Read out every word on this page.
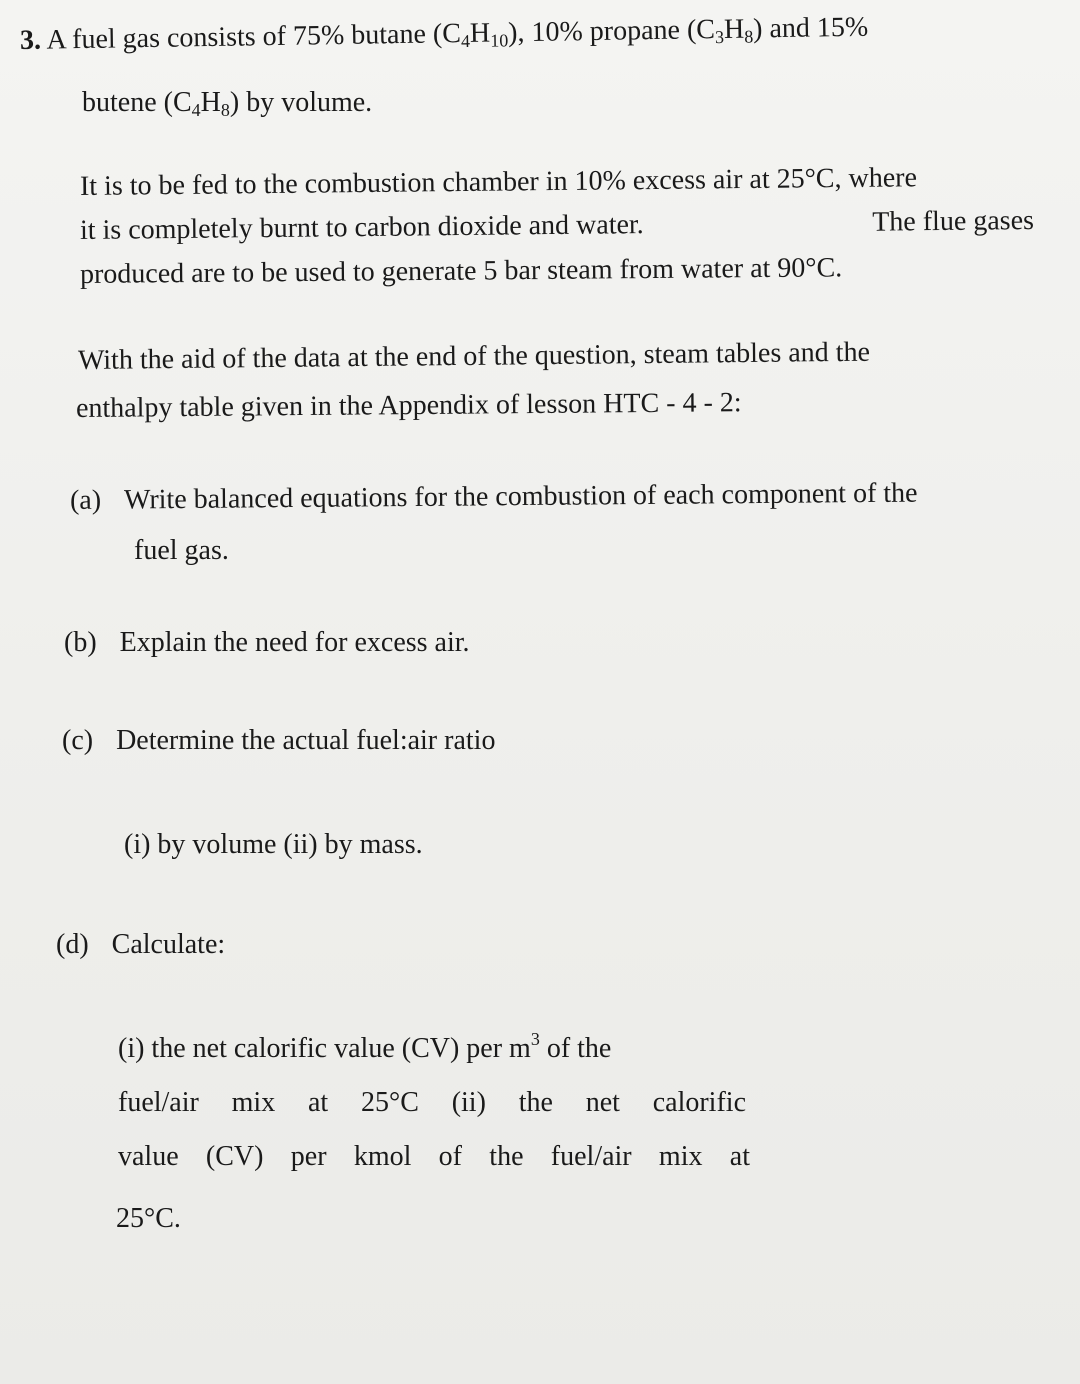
3. A fuel gas consists of 75% butane $(C_4H_{10})$, 10% propane $(C_3H_8)$ and 15%
butene $(C_4H_8)$ by volume.
It is to be fed to the combustion chamber in 10% excess air at 25°C, where
it is completely burnt to carbon dioxide and water.	The flue gases
produced are to be used to generate 5 bar steam from water at 90°C.
With the aid of the data at the end of the question, steam tables and the
enthalpy table given in the Appendix of lesson HTC - 4 - 2:
(a) Write balanced equations for the combustion of each component of the
fuel gas.
(b) Explain the need for excess air.
(c) Determine the actual fuel:air ratio
(i) by volume (ii) by mass.
(d) Calculate:
(i) the net calorific value (CV) per $m^3$ of the
fuel/air mix at 25°C (ii) the net calorific
value (CV) per kmol of the fuel/air mix at
25°C.
